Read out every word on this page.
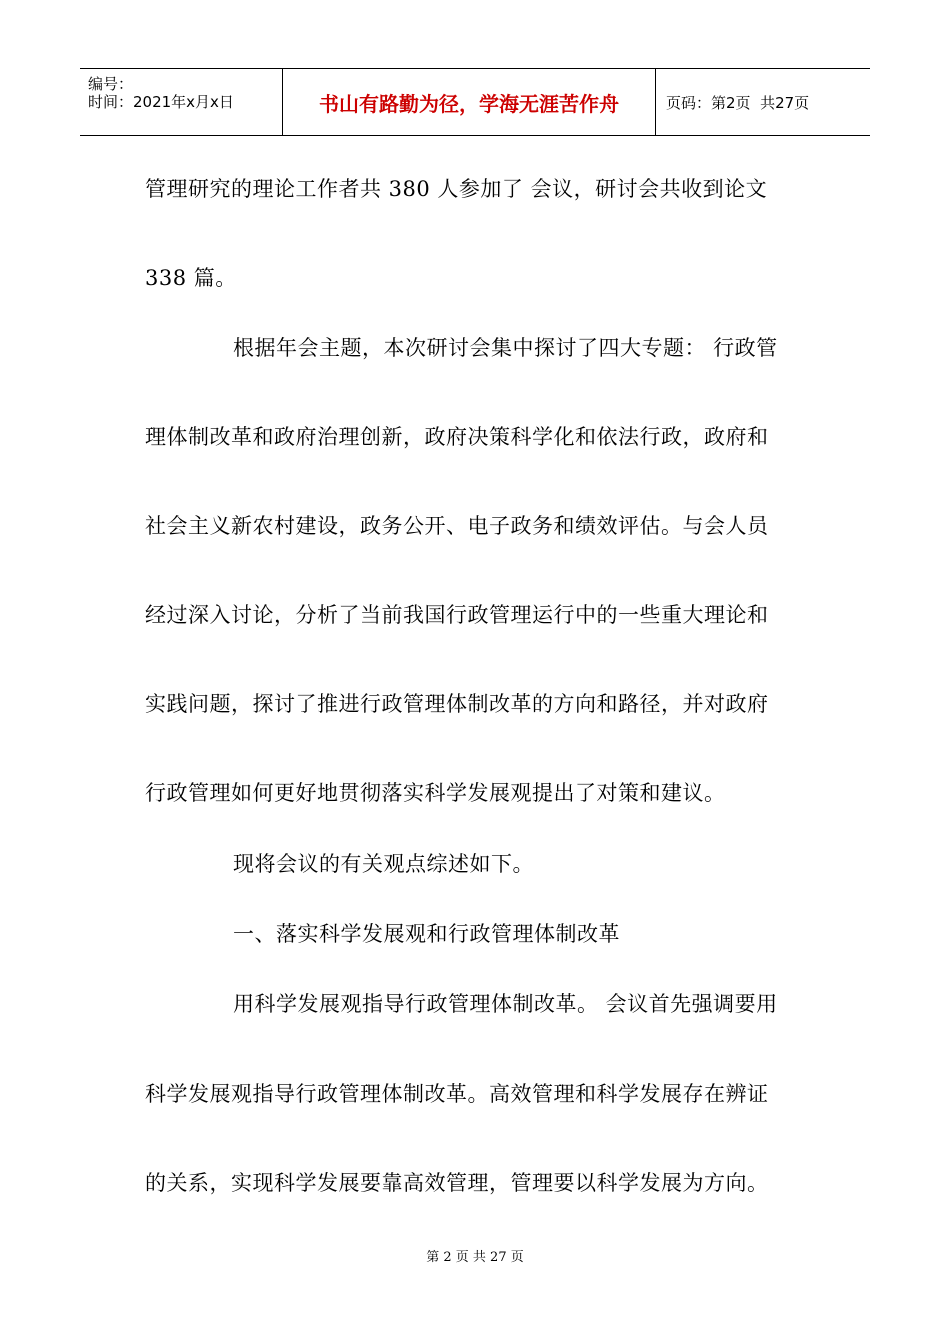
编号：
时间：2021年x月x日	书山有路勤为径，学海无涯苦作舟	页码：第2页  共27页
管理研究的理论工作者共 380 人参加了 会议，研讨会共收到论文
338 篇。
根据年会主题，本次研讨会集中探讨了四大专题： 行政管
理体制改革和政府治理创新，政府决策科学化和依法行政，政府和
社会主义新农村建设，政务公开、电子政务和绩效评估。与会人员
经过深入讨论，分析了当前我国行政管理运行中的一些重大理论和
实践问题，探讨了推进行政管理体制改革的方向和路径，并对政府
行政管理如何更好地贯彻落实科学发展观提出了对策和建议。
现将会议的有关观点综述如下。
一、落实科学发展观和行政管理体制改革
用科学发展观指导行政管理体制改革。 会议首先强调要用
科学发展观指导行政管理体制改革。高效管理和科学发展存在辨证
的关系，实现科学发展要靠高效管理，管理要以科学发展为方向。
第 2 页 共 27 页
